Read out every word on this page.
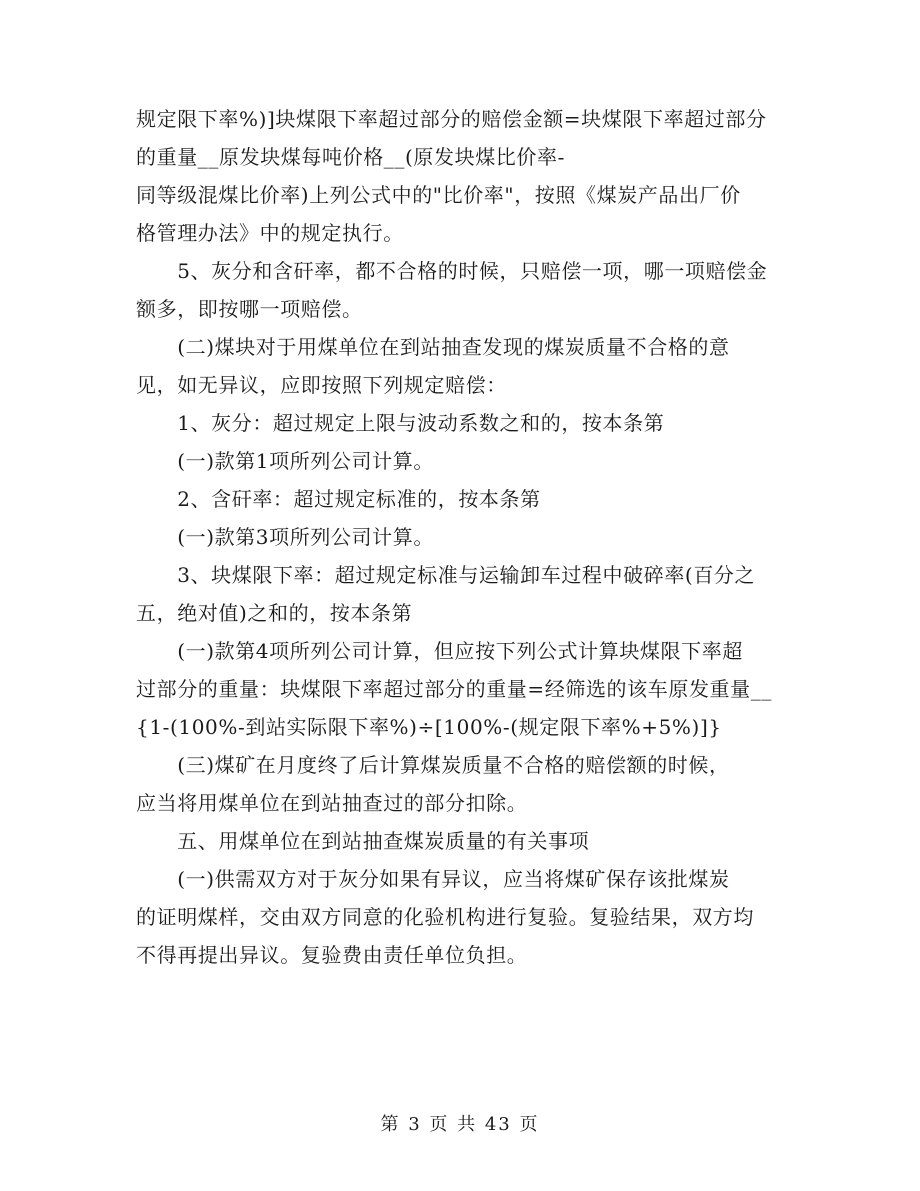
规定限下率%)]块煤限下率超过部分的赔偿金额=块煤限下率超过部分
的重量__原发块煤每吨价格__(原发块煤比价率-
同等级混煤比价率)上列公式中的"比价率"，按照《煤炭产品出厂价
格管理办法》中的规定执行。
　　5、灰分和含矸率，都不合格的时候，只赔偿一项，哪一项赔偿金
额多，即按哪一项赔偿。
　　(二)煤块对于用煤单位在到站抽查发现的煤炭质量不合格的意
见，如无异议，应即按照下列规定赔偿：
　　1、灰分：超过规定上限与波动系数之和的，按本条第
　　(一)款第1项所列公司计算。
　　2、含矸率：超过规定标准的，按本条第
　　(一)款第3项所列公司计算。
　　3、块煤限下率：超过规定标准与运输卸车过程中破碎率(百分之
五，绝对值)之和的，按本条第
　　(一)款第4项所列公司计算，但应按下列公式计算块煤限下率超
过部分的重量：块煤限下率超过部分的重量=经筛选的该车原发重量__
{1-(100%-到站实际限下率%)÷[100%-(规定限下率%+5%)]}
　　(三)煤矿在月度终了后计算煤炭质量不合格的赔偿额的时候，
应当将用煤单位在到站抽查过的部分扣除。
　　五、用煤单位在到站抽查煤炭质量的有关事项
　　(一)供需双方对于灰分如果有异议，应当将煤矿保存该批煤炭
的证明煤样，交由双方同意的化验机构进行复验。复验结果，双方均
不得再提出异议。复验费由责任单位负担。
第 3 页 共 43 页
